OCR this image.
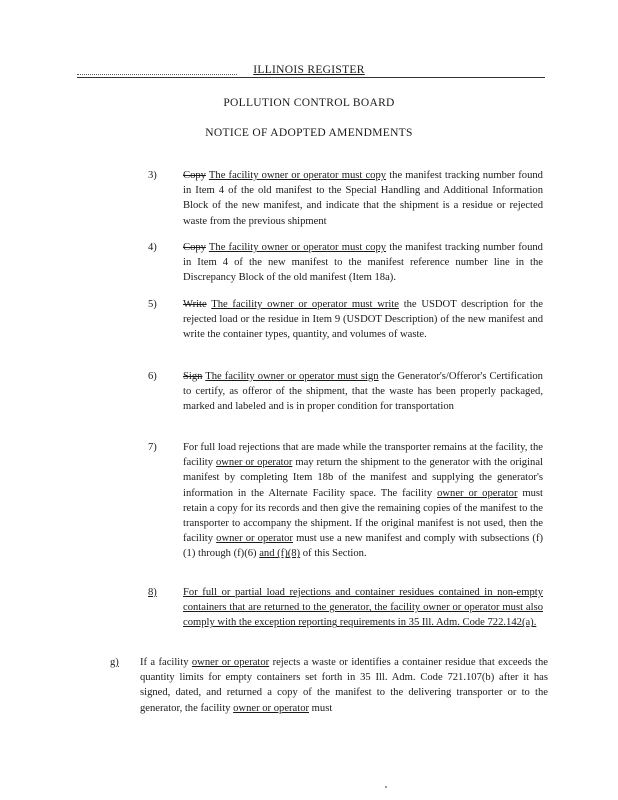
ILLINOIS REGISTER
POLLUTION CONTROL BOARD
NOTICE OF ADOPTED AMENDMENTS
3) Copy The facility owner or operator must copy the manifest tracking number found in Item 4 of the old manifest to the Special Handling and Additional Information Block of the new manifest, and indicate that the shipment is a residue or rejected waste from the previous shipment
4) Copy The facility owner or operator must copy the manifest tracking number found in Item 4 of the new manifest to the manifest reference number line in the Discrepancy Block of the old manifest (Item 18a).
5) Write The facility owner or operator must write the USDOT description for the rejected load or the residue in Item 9 (USDOT Description) of the new manifest and write the container types, quantity, and volumes of waste.
6) Sign The facility owner or operator must sign the Generator's/Offeror's Certification to certify, as offeror of the shipment, that the waste has been properly packaged, marked and labeled and is in proper condition for transportation
7) For full load rejections that are made while the transporter remains at the facility, the facility owner or operator may return the shipment to the generator with the original manifest by completing Item 18b of the manifest and supplying the generator's information in the Alternate Facility space. The facility owner or operator must retain a copy for its records and then give the remaining copies of the manifest to the transporter to accompany the shipment. If the original manifest is not used, then the facility owner or operator must use a new manifest and comply with subsections (f)(1) through (f)(6) and (f)(8) of this Section.
8) For full or partial load rejections and container residues contained in non-empty containers that are returned to the generator, the facility owner or operator must also comply with the exception reporting requirements in 35 Ill. Adm. Code 722.142(a).
g) If a facility owner or operator rejects a waste or identifies a container residue that exceeds the quantity limits for empty containers set forth in 35 Ill. Adm. Code 721.107(b) after it has signed, dated, and returned a copy of the manifest to the delivering transporter or to the generator, the facility owner or operator must
